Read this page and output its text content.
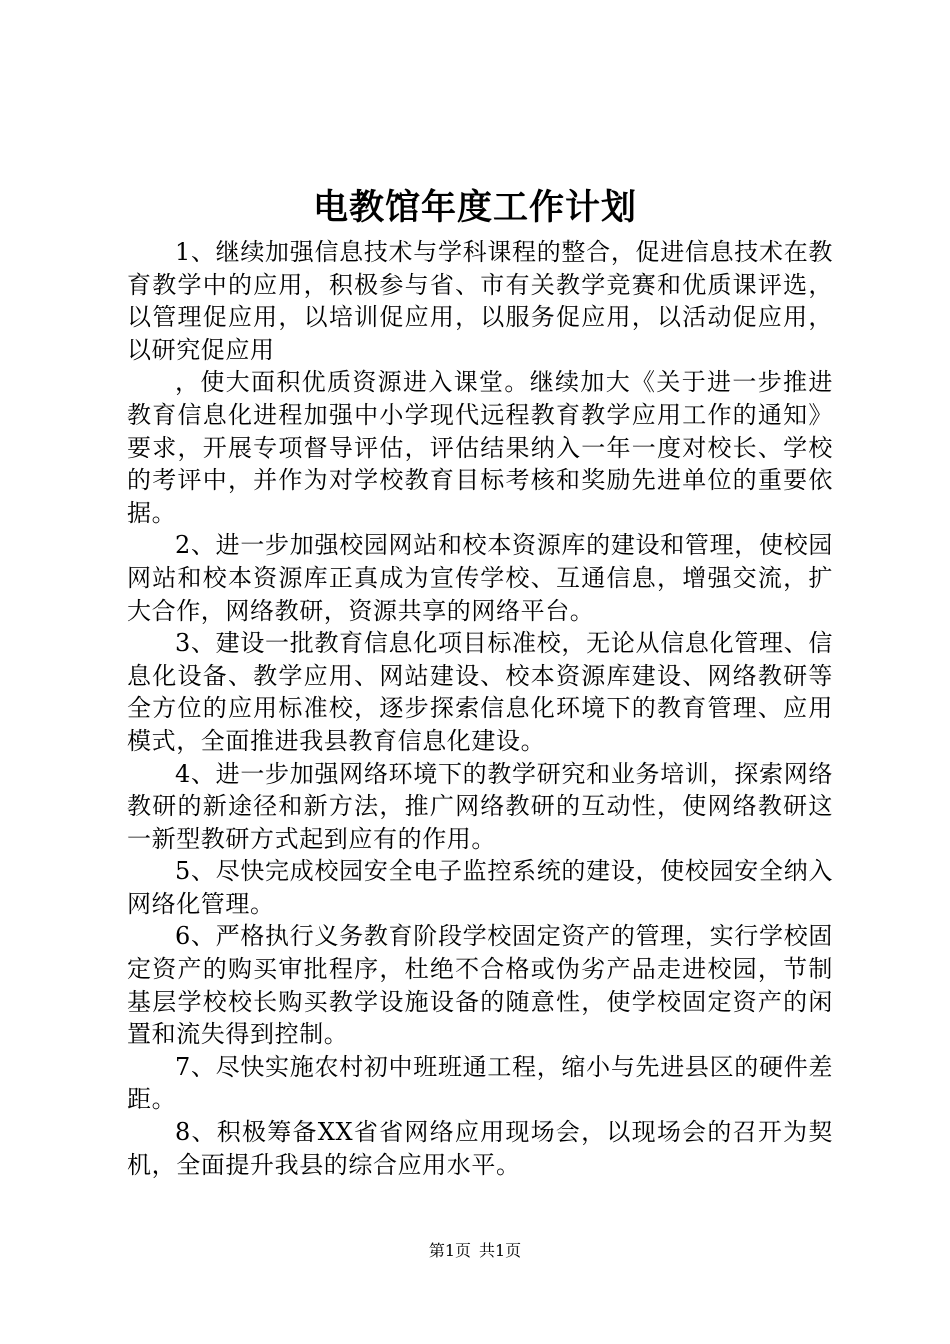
电教馆年度工作计划

1、继续加强信息技术与学科课程的整合，促进信息技术在教育教学中的应用，积极参与省、市有关教学竞赛和优质课评选，以管理促应用，以培训促应用，以服务促应用，以活动促应用，以研究促应用

，使大面积优质资源进入课堂。继续加大《关于进一步推进教育信息化进程加强中小学现代远程教育教学应用工作的通知》要求，开展专项督导评估，评估结果纳入一年一度对校长、学校的考评中，并作为对学校教育目标考核和奖励先进单位的重要依据。

2、进一步加强校园网站和校本资源库的建设和管理，使校园网站和校本资源库正真成为宣传学校、互通信息，增强交流，扩大合作，网络教研，资源共享的网络平台。

3、建设一批教育信息化项目标准校，无论从信息化管理、信息化设备、教学应用、网站建设、校本资源库建设、网络教研等全方位的应用标准校，逐步探索信息化环境下的教育管理、应用模式，全面推进我县教育信息化建设。

4、进一步加强网络环境下的教学研究和业务培训，探索网络教研的新途径和新方法，推广网络教研的互动性，使网络教研这一新型教研方式起到应有的作用。

5、尽快完成校园安全电子监控系统的建设，使校园安全纳入网络化管理。

6、严格执行义务教育阶段学校固定资产的管理，实行学校固定资产的购买审批程序，杜绝不合格或伪劣产品走进校园，节制基层学校校长购买教学设施设备的随意性，使学校固定资产的闲置和流失得到控制。

7、尽快实施农村初中班班通工程，缩小与先进县区的硬件差距。

8、积极筹备XX省省网络应用现场会，以现场会的召开为契机，全面提升我县的综合应用水平。

第1页 共1页
